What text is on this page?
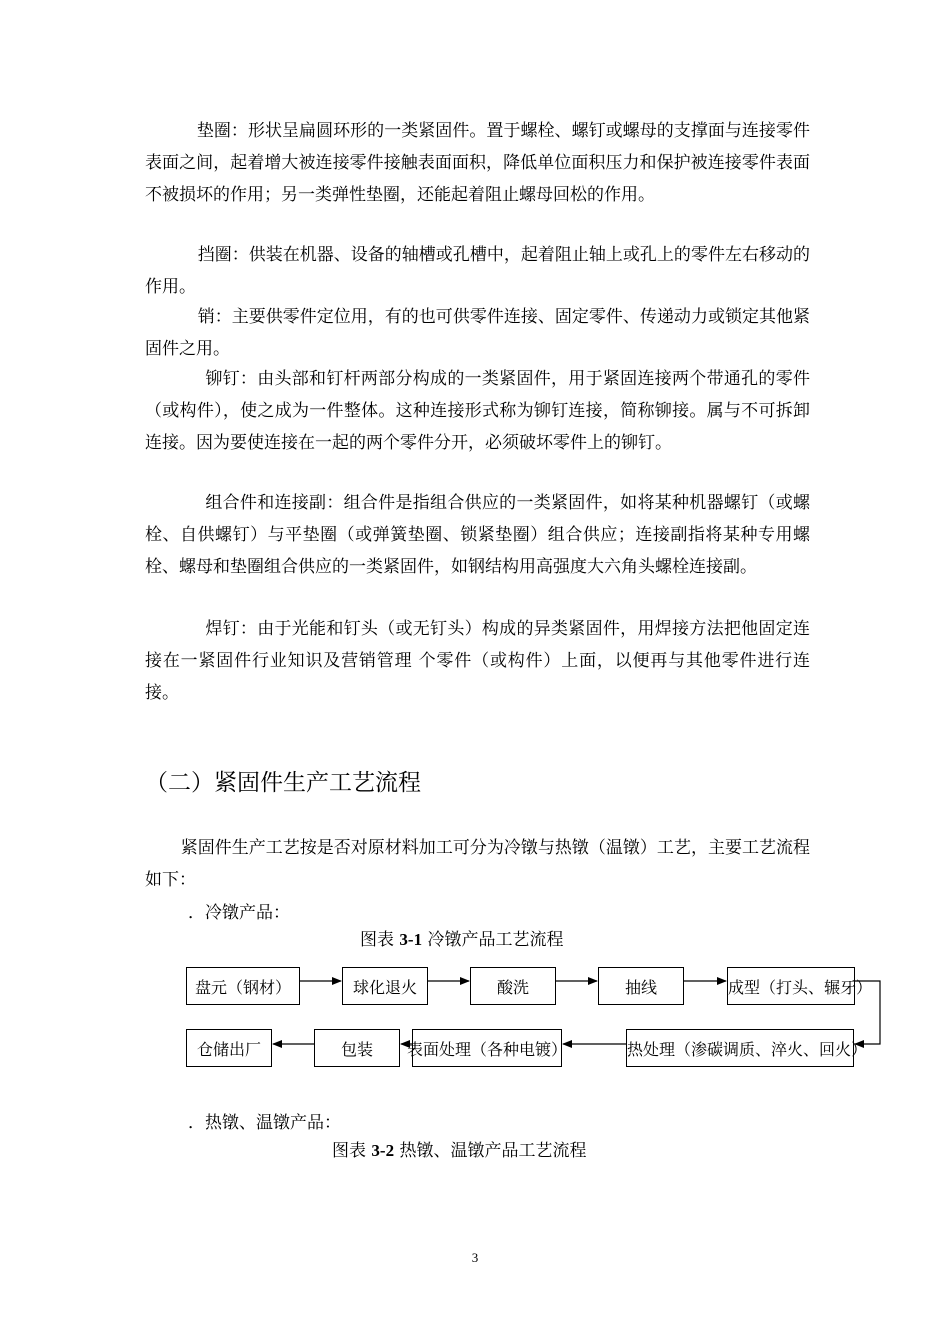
垫圈：形状呈扁圆环形的一类紧固件。置于螺栓、螺钉或螺母的支撑面与连接零件表面之间，起着增大被连接零件接触表面面积，降低单位面积压力和保护被连接零件表面不被损坏的作用；另一类弹性垫圈，还能起着阻止螺母回松的作用。

挡圈：供装在机器、设备的轴槽或孔槽中，起着阻止轴上或孔上的零件左右移动的作用。

销：主要供零件定位用，有的也可供零件连接、固定零件、传递动力或锁定其他紧固件之用。

铆钉：由头部和钉杆两部分构成的一类紧固件，用于紧固连接两个带通孔的零件（或构件），使之成为一件整体。这种连接形式称为铆钉连接，简称铆接。属与不可拆卸连接。因为要使连接在一起的两个零件分开，必须破坏零件上的铆钉。

组合件和连接副：组合件是指组合供应的一类紧固件，如将某种机器螺钉（或螺栓、自供螺钉）与平垫圈（或弹簧垫圈、锁紧垫圈）组合供应；连接副指将某种专用螺栓、螺母和垫圈组合供应的一类紧固件，如钢结构用高强度大六角头螺栓连接副。

焊钉：由于光能和钉头（或无钉头）构成的异类紧固件，用焊接方法把他固定连接在一紧固件行业知识及营销管理 个零件（或构件）上面，以便再与其他零件进行连接。

（二）紧固件生产工艺流程

紧固件生产工艺按是否对原材料加工可分为冷镦与热镦（温镦）工艺，主要工艺流程如下：

．冷镦产品：
图表 3-1 冷镦产品工艺流程
盘元（钢材）	球化退火	酸洗	抽线	成型（打头、辗牙）
仓储出厂	包装	表面处理（各种电镀）	热处理（渗碳调质、淬火、回火）
．热镦、温镦产品：
图表 3-2 热镦、温镦产品工艺流程
3
